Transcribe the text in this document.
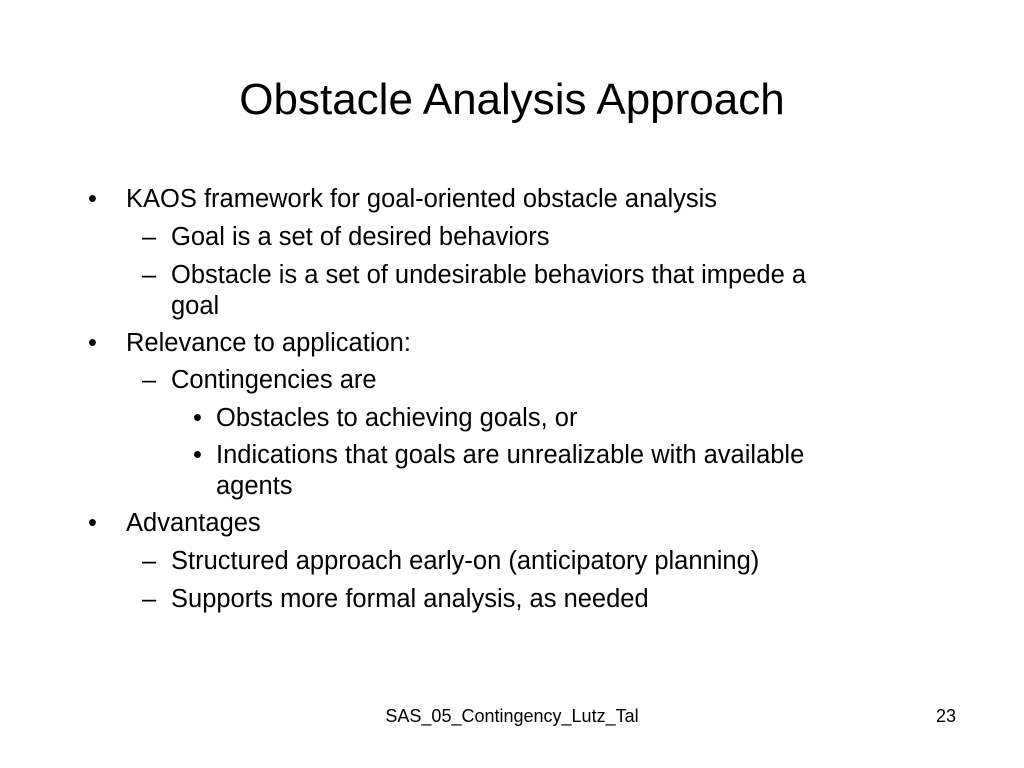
Obstacle Analysis Approach
• KAOS framework for goal-oriented obstacle analysis
– Goal is a set of desired behaviors
– Obstacle is a set of undesirable behaviors that impede a
goal
• Relevance to application:
– Contingencies are
• Obstacles to achieving goals, or
• Indications that goals are unrealizable with available
agents
• Advantages
– Structured approach early-on (anticipatory planning)
– Supports more formal analysis, as needed
SAS_05_Contingency_Lutz_Tal	23
